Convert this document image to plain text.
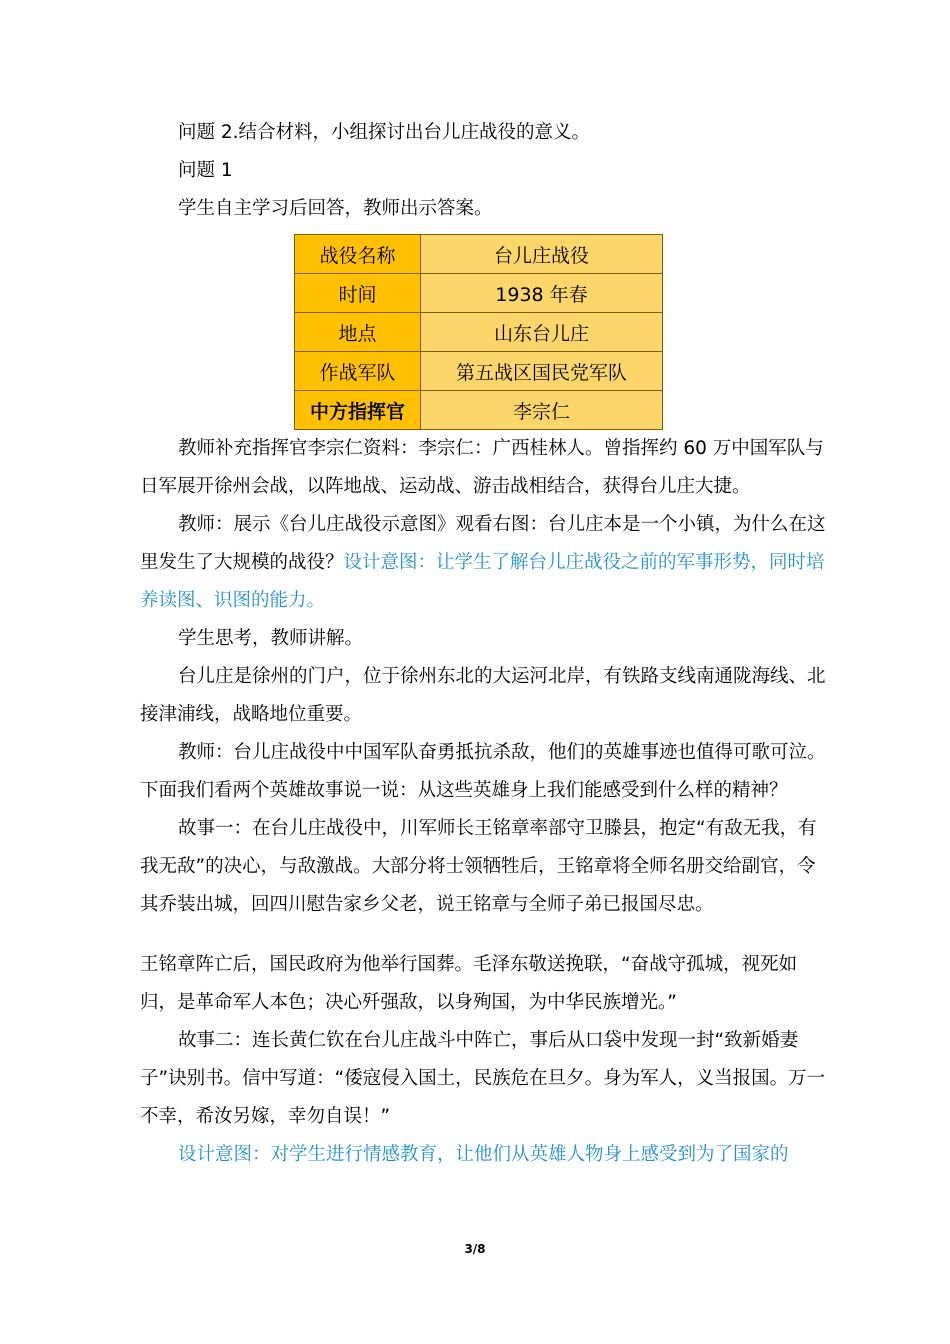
问题 2.结合材料，小组探讨出台儿庄战役的意义。

问题 1

学生自主学习后回答，教师出示答案。

战役名称	台儿庄战役
时间	1938 年春
地点	山东台儿庄
作战军队	第五战区国民党军队
中方指挥官	李宗仁

教师补充指挥官李宗仁资料：李宗仁：广西桂林人。曾指挥约 60 万中国军队与日军展开徐州会战，以阵地战、运动战、游击战相结合，获得台儿庄大捷。

教师：展示《台儿庄战役示意图》观看右图：台儿庄本是一个小镇，为什么在这里发生了大规模的战役？设计意图：让学生了解台儿庄战役之前的军事形势，同时培养读图、识图的能力。

学生思考，教师讲解。

台儿庄是徐州的门户，位于徐州东北的大运河北岸，有铁路支线南通陇海线、北接津浦线，战略地位重要。

教师：台儿庄战役中中国军队奋勇抵抗杀敌，他们的英雄事迹也值得可歌可泣。下面我们看两个英雄故事说一说：从这些英雄身上我们能感受到什么样的精神？

故事一：在台儿庄战役中，川军师长王铭章率部守卫滕县，抱定“有敌无我，有我无敌”的决心，与敌激战。大部分将士领牺牲后，王铭章将全师名册交给副官，令其乔装出城，回四川慰告家乡父老，说王铭章与全师子弟已报国尽忠。

王铭章阵亡后，国民政府为他举行国葬。毛泽东敬送挽联，“奋战守孤城，视死如归，是革命军人本色；决心歼强敌，以身殉国，为中华民族增光。”

故事二：连长黄仁钦在台儿庄战斗中阵亡，事后从口袋中发现一封“致新婚妻子”诀别书。信中写道：“倭寇侵入国土，民族危在旦夕。身为军人，义当报国。万一不幸，希汝另嫁，幸勿自误！”

设计意图：对学生进行情感教育，让他们从英雄人物身上感受到为了国家的

3/8
